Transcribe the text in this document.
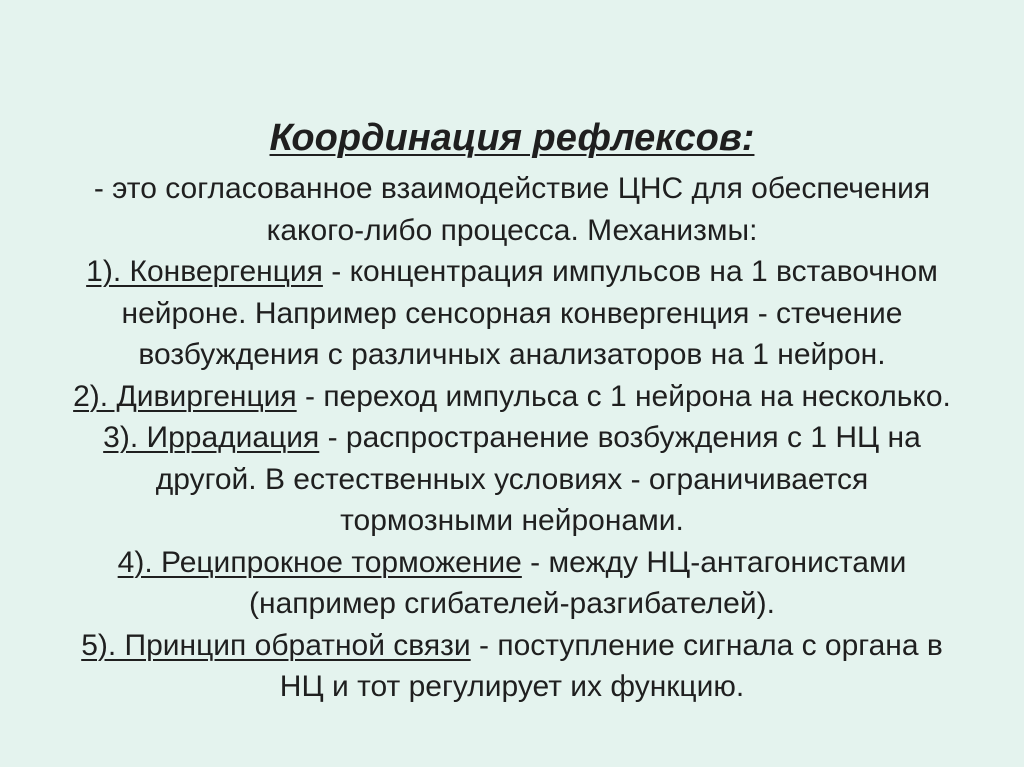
Координация рефлексов:
- это согласованное взаимодействие ЦНС для обеспечения
какого-либо процесса. Механизмы:
1). Конвергенция - концентрация импульсов на 1 вставочном
нейроне. Например сенсорная конвергенция - стечение
возбуждения с различных анализаторов на 1 нейрон.
2). Дивиргенция - переход импульса с 1 нейрона на несколько.
3). Иррадиация - распространение возбуждения с 1 НЦ на
другой. В естественных условиях - ограничивается
тормозными нейронами.
4). Реципрокное торможение - между НЦ-антагонистами
(например сгибателей-разгибателей).
5). Принцип обратной связи - поступление сигнала с органа в
НЦ и тот регулирует их функцию.
